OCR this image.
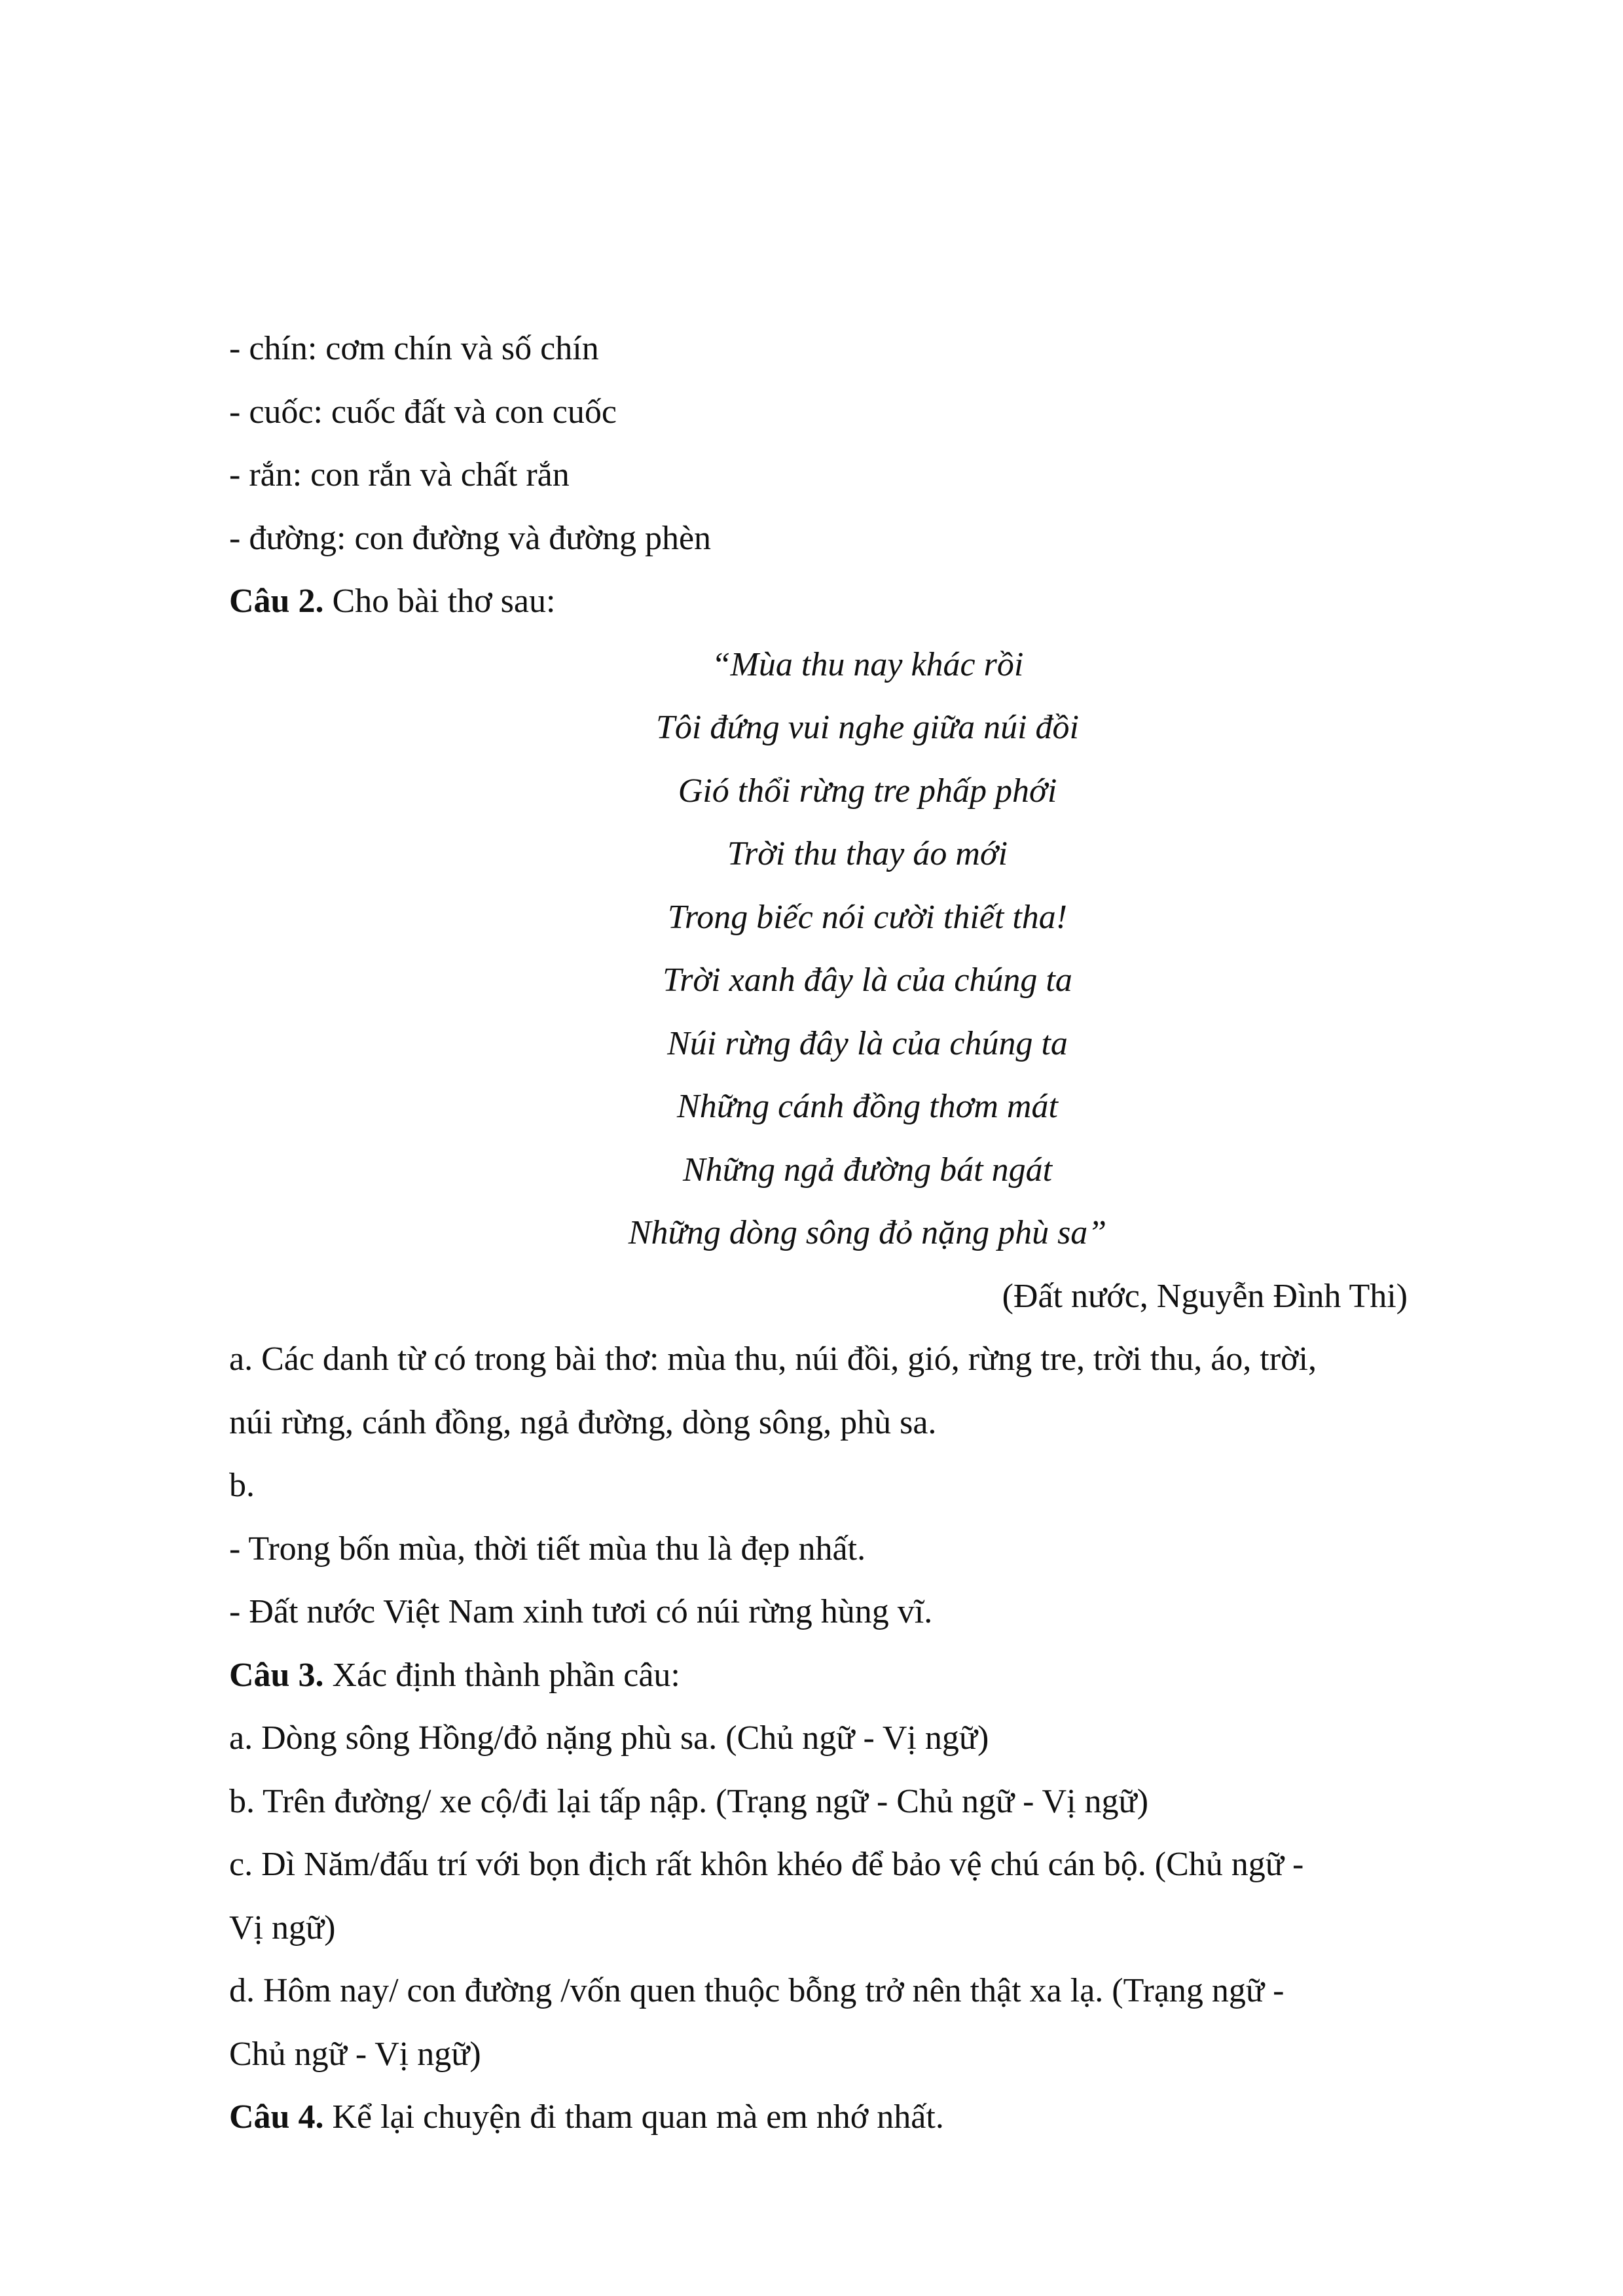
- chín: cơm chín và số chín

- cuốc: cuốc đất và con cuốc

- rắn: con rắn và chất rắn

- đường: con đường và đường phèn

Câu 2. Cho bài thơ sau:

“Mùa thu nay khác rồi

Tôi đứng vui nghe giữa núi đồi

Gió thổi rừng tre phấp phới

Trời thu thay áo mới

Trong biếc nói cười thiết tha!

Trời xanh đây là của chúng ta

Núi rừng đây là của chúng ta

Những cánh đồng thơm mát

Những ngả đường bát ngát

Những dòng sông đỏ nặng phù sa”

(Đất nước, Nguyễn Đình Thi)

a. Các danh từ có trong bài thơ: mùa thu, núi đồi, gió, rừng tre, trời thu, áo, trời,

núi rừng, cánh đồng, ngả đường, dòng sông, phù sa.

b.

- Trong bốn mùa, thời tiết mùa thu là đẹp nhất.

- Đất nước Việt Nam xinh tươi có núi rừng hùng vĩ.

Câu 3. Xác định thành phần câu:

a. Dòng sông Hồng/đỏ nặng phù sa. (Chủ ngữ - Vị ngữ)

b. Trên đường/ xe cộ/đi lại tấp nập. (Trạng ngữ - Chủ ngữ - Vị ngữ)

c. Dì Năm/đấu trí với bọn địch rất khôn khéo để bảo vệ chú cán bộ. (Chủ ngữ -

Vị ngữ)

d. Hôm nay/ con đường /vốn quen thuộc bỗng trở nên thật xa lạ. (Trạng ngữ -

Chủ ngữ - Vị ngữ)

Câu 4. Kể lại chuyện đi tham quan mà em nhớ nhất.
